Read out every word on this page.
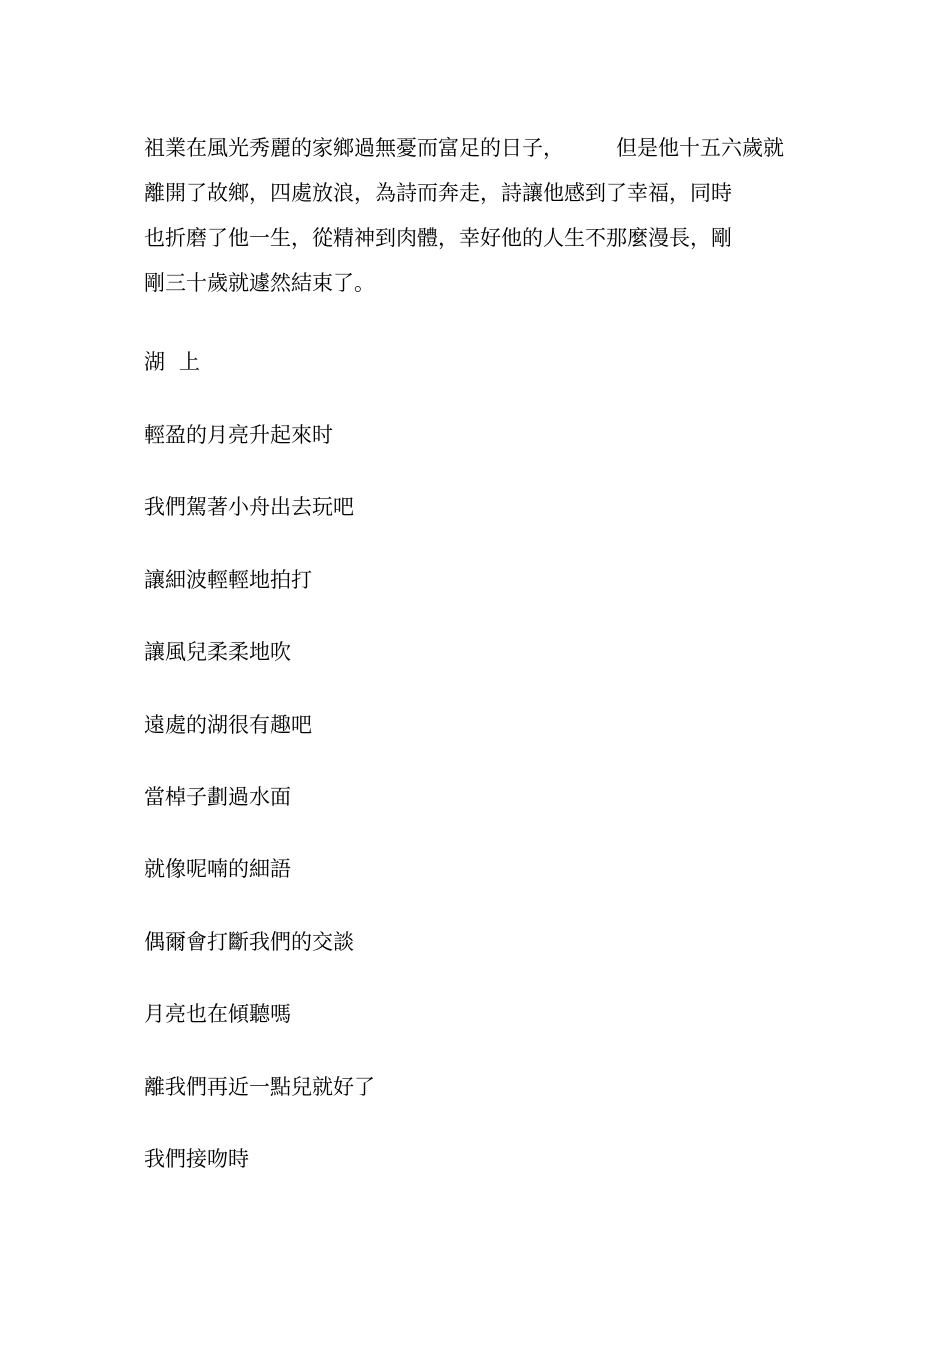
祖業在風光秀麗的家鄉過無憂而富足的日子， 但是他十五六歲就
離開了故鄉，四處放浪，為詩而奔走，詩讓他感到了幸福，同時
也折磨了他一生，從精神到肉體，幸好他的人生不那麼漫長，剛
剛三十歲就遽然結束了。
湖上
輕盈的月亮升起來时
我們駕著小舟出去玩吧
讓細波輕輕地拍打
讓風兒柔柔地吹
遠處的湖很有趣吧
當棹子劃過水面
就像呢喃的細語
偶爾會打斷我們的交談
月亮也在傾聽嗎
離我們再近一點兒就好了
我們接吻時
